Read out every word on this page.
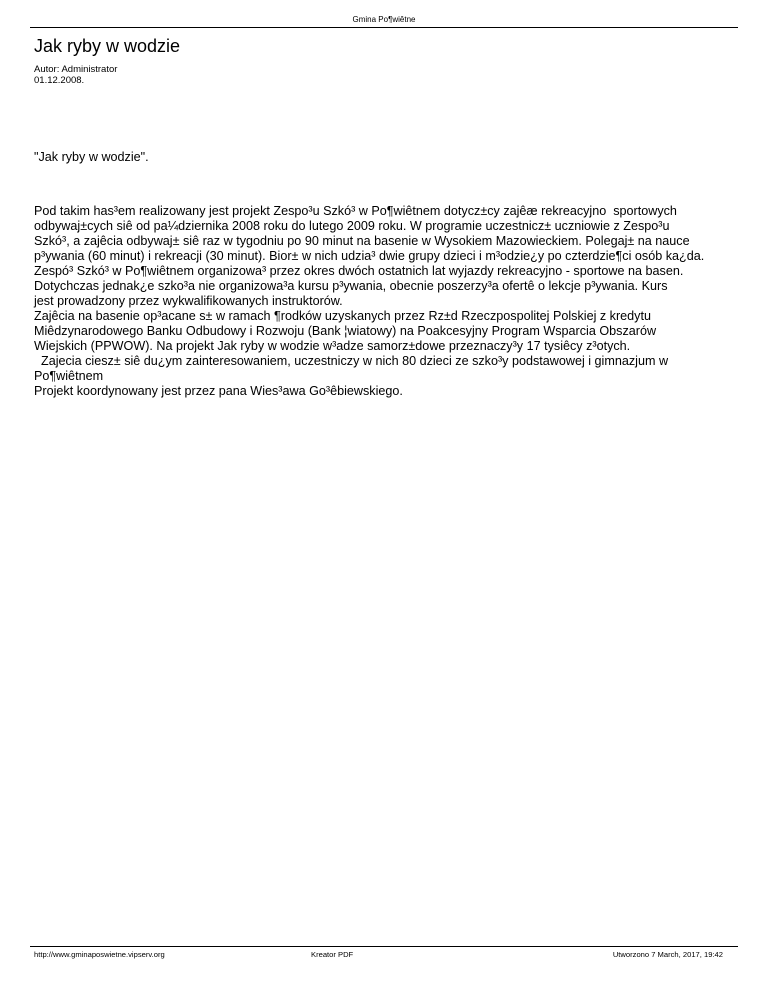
Gmina Po¶wiêtne
Jak ryby w wodzie
Autor: Administrator
01.12.2008.
"Jak ryby w wodzie".
Pod takim has³em realizowany jest projekt Zespo³u Szkó³ w Po¶wiêtnem dotycz±cy zajêæ rekreacyjno  sportowych
odbywaj±cych siê od pa¼dziernika 2008 roku do lutego 2009 roku. W programie uczestnicz± uczniowie z Zespo³u
Szkó³, a zajêcia odbywaj± siê raz w tygodniu po 90 minut na basenie w Wysokiem Mazowieckiem. Polegaj± na nauce
p³ywania (60 minut) i rekreacji (30 minut). Bior± w nich udzia³ dwie grupy dzieci i m³odzie¿y po czterdzie¶ci osób ka¿da.
Zespó³ Szkó³ w Po¶wiêtnem organizowa³ przez okres dwóch ostatnich lat wyjazdy rekreacyjno - sportowe na basen.
Dotychczas jednak¿e szko³a nie organizowa³a kursu p³ywania, obecnie poszerzy³a ofertê o lekcje p³ywania. Kurs
jest prowadzony przez wykwalifikowanych instruktorów.
Zajêcia na basenie op³acane s± w ramach ¶rodków uzyskanych przez Rz±d Rzeczpospolitej Polskiej z kredytu
Miêdzynarodowego Banku Odbudowy i Rozwoju (Bank ¦wiatowy) na Poakcesyjny Program Wsparcia Obszarów
Wiejskich (PPWOW). Na projekt Jak ryby w wodzie w³adze samorz±dowe przeznaczy³y 17 tysiêcy z³otych.
Zajecia ciesz± siê du¿ym zainteresowaniem, uczestniczy w nich 80 dzieci ze szko³y podstawowej i gimnazjum w
Po¶wiêtnem
Projekt koordynowany jest przez pana Wies³awa Go³êbiewskiego.
http://www.gminaposwietne.vipserv.org	Kreator PDF	Utworzono 7 March, 2017, 19:42
